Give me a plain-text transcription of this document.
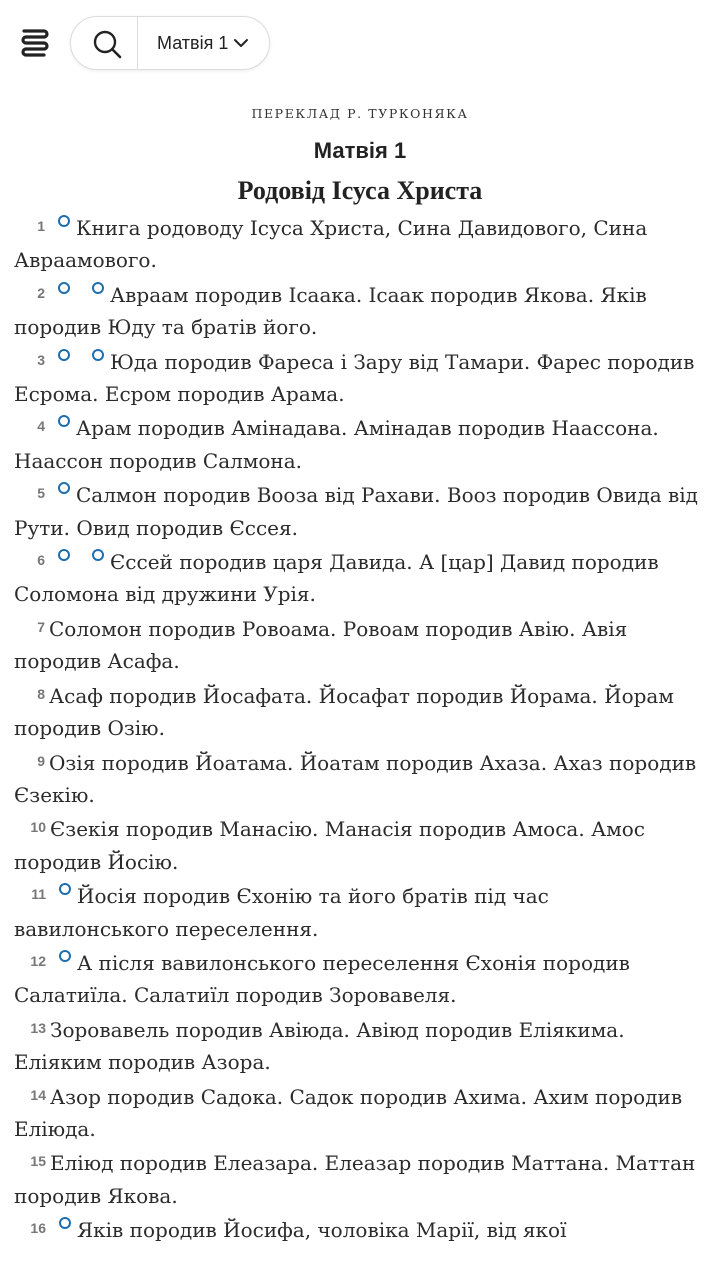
Матвія 1
ПЕРЕКЛАД Р. ТУРКОНЯКА
Матвія 1
Родовід Ісуса Христа

1 Книга родоводу Ісуса Христа, Сина Давидового, Сина Авраамового.

2	Авраам породив Ісаака. Ісаак породив Якова. Яків породив Юду та братів його.

3	Юда породив Фареса і Зару від Тамари. Фарес породив Есрома. Есром породив Арама.

4 Арам породив Амінадава. Амінадав породив Наассона. Наассон породив Салмона.

5 Салмон породив Вооза від Рахави. Вооз породив Овида від Рути. Овид породив Єссея.

6	Єссей породив царя Давида. А [цар] Давид породив Соломона від дружини Урія.

7 Соломон породив Ровоама. Ровоам породив Авію. Авія породив Асафа.

8 Асаф породив Йосафата. Йосафат породив Йорама. Йорам породив Озію.

9 Озія породив Йоатама. Йоатам породив Ахаза. Ахаз породив Єзекію.

10 Єзекія породив Манасію. Манасія породив Амоса. Амос породив Йосію.

11 Йосія породив Єхонію та його братів під час вавилонського переселення.

12 А після вавилонського переселення Єхонія породив Салатиїла. Салатиїл породив Зоровавеля.

13 Зоровавель породив Авіюда. Авіюд породив Еліякима. Еліяким породив Азора.

14 Азор породив Садока. Садок породив Ахима. Ахим породив Еліюда.

15 Еліюд породив Елеазара. Елеазар породив Маттана. Маттан породив Якова.

16 Яків породив Йосифа, чоловіка Марії, від якої
